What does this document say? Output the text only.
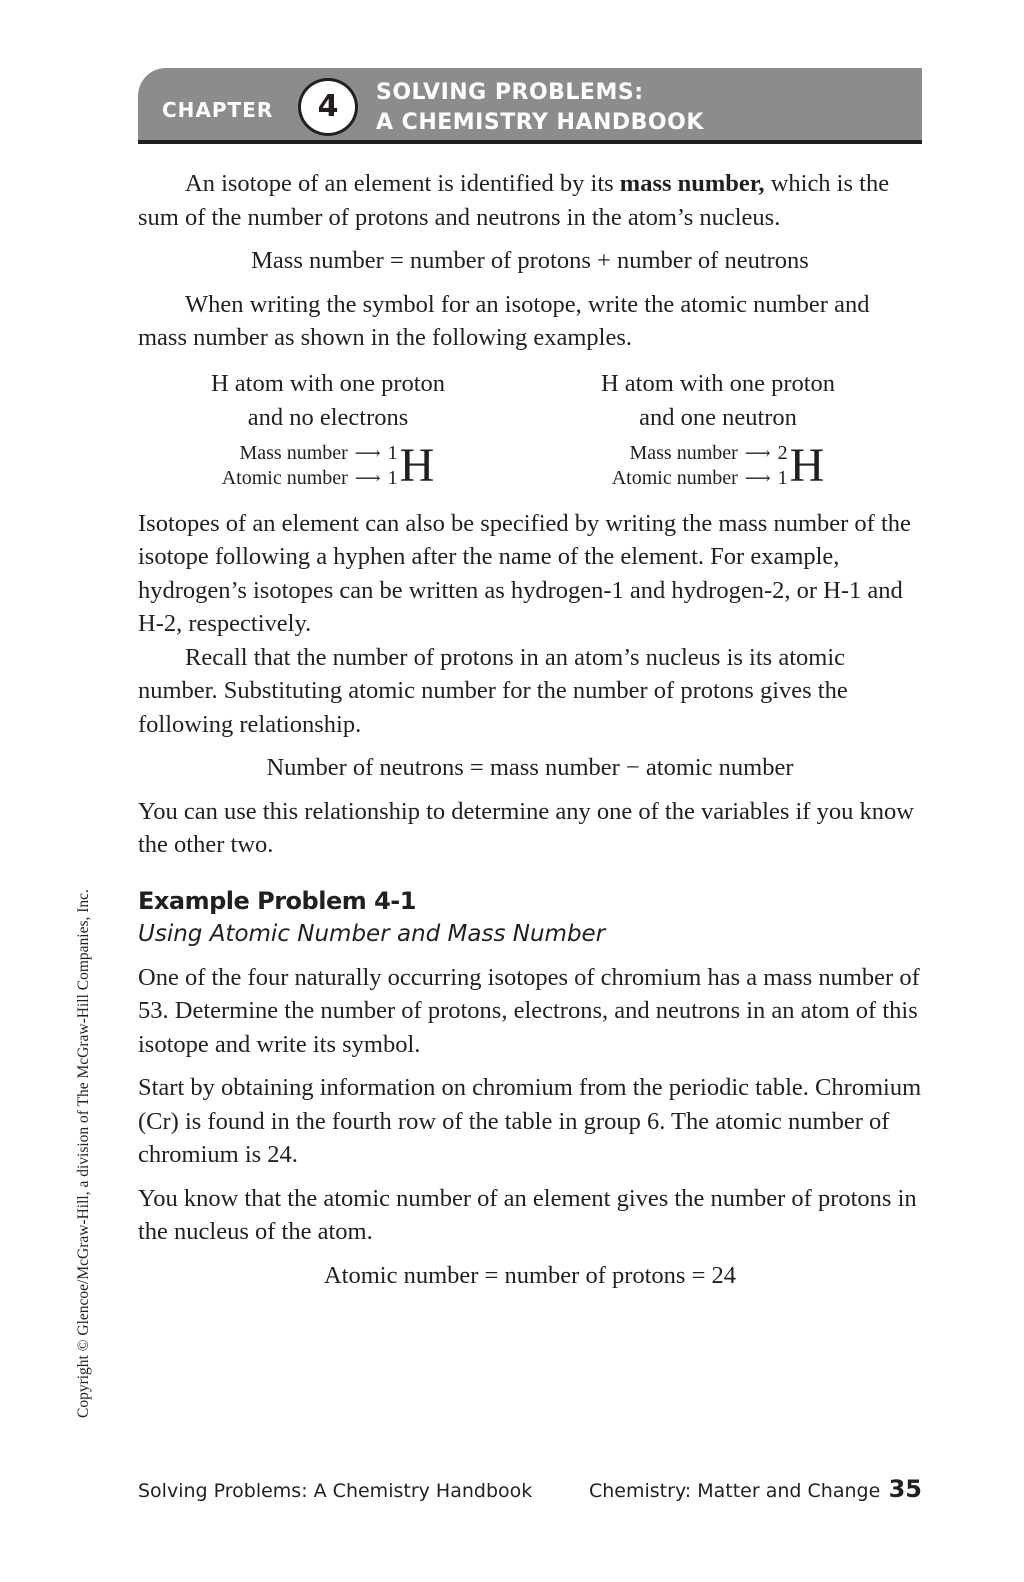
CHAPTER	4	SOLVING PROBLEMS:
A CHEMISTRY HANDBOOK

An isotope of an element is identified by its mass number, which is the sum of the number of protons and neutrons in the atom’s nucleus.

Mass number = number of protons + number of neutrons

When writing the symbol for an isotope, write the atomic number and mass number as shown in the following examples.

H atom with one proton
and no electrons
Mass number ⟶ 1
Atomic number ⟶ 1 H
H atom with one proton
and one neutron
Mass number ⟶ 2
Atomic number ⟶ 1 H

Isotopes of an element can also be specified by writing the mass number of the isotope following a hyphen after the name of the element. For example, hydrogen’s isotopes can be written as hydrogen-1 and hydrogen-2, or H-1 and H-2, respectively.

Recall that the number of protons in an atom’s nucleus is its atomic number. Substituting atomic number for the number of protons gives the following relationship.

Number of neutrons = mass number − atomic number

You can use this relationship to determine any one of the variables if you know the other two.

Example Problem 4-1

Using Atomic Number and Mass Number

One of the four naturally occurring isotopes of chromium has a mass number of 53. Determine the number of protons, electrons, and neutrons in an atom of this isotope and write its symbol.

Start by obtaining information on chromium from the periodic table. Chromium (Cr) is found in the fourth row of the table in group 6. The atomic number of chromium is 24.

You know that the atomic number of an element gives the number of protons in the nucleus of the atom.

Atomic number = number of protons = 24

Copyright © Glencoe/McGraw-Hill, a division of The McGraw-Hill Companies, Inc.
Solving Problems: A Chemistry Handbook	Chemistry: Matter and Change 35
